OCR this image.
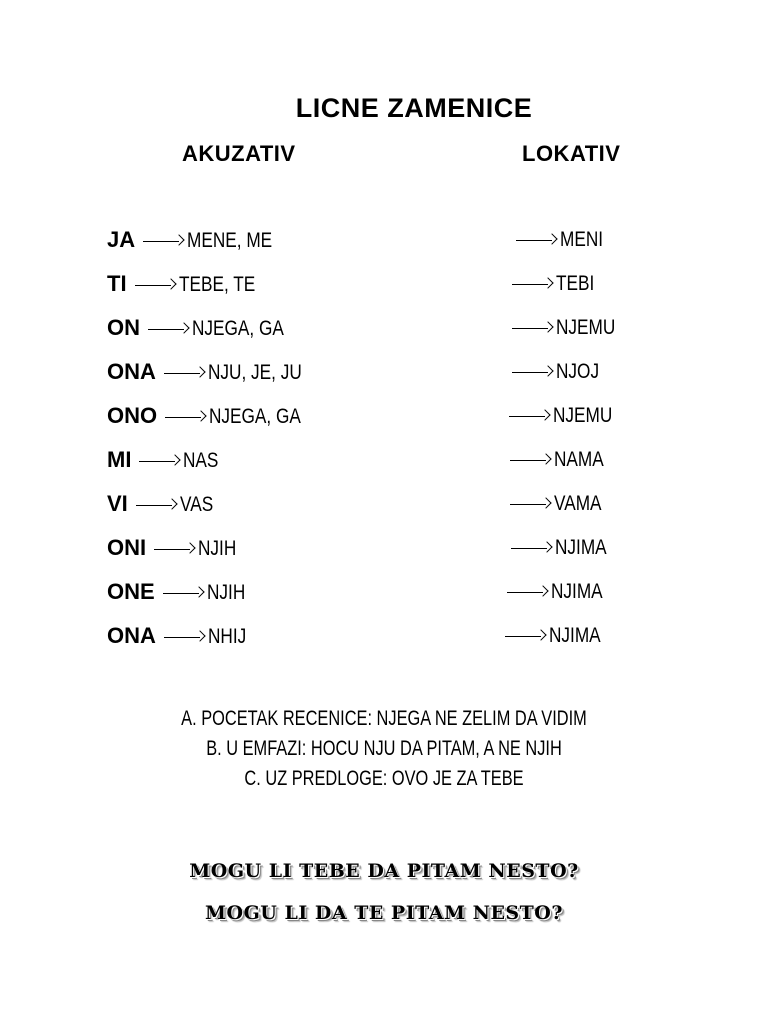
LICNE ZAMENICE
AKUZATIV	LOKATIV
JA MENE, ME	MENI
TI TEBE, TE	TEBI
ON NJEGA, GA	NJEMU
ONA NJU, JE, JU	NJOJ
ONO NJEGA, GA	NJEMU
MI NAS	NAMA
VI VAS	VAMA
ONI NJIH	NJIMA
ONE NJIH	NJIMA
ONA NHIJ	NJIMA
A. POCETAK RECENICE: NJEGA NE ZELIM DA VIDIM
B. U EMFAZI: HOCU NJU DA PITAM, A NE NJIH
C. UZ PREDLOGE: OVO JE ZA TEBE
MOGU LI TEBE DA PITAM NESTO?
MOGU LI DA TE PITAM NESTO?
